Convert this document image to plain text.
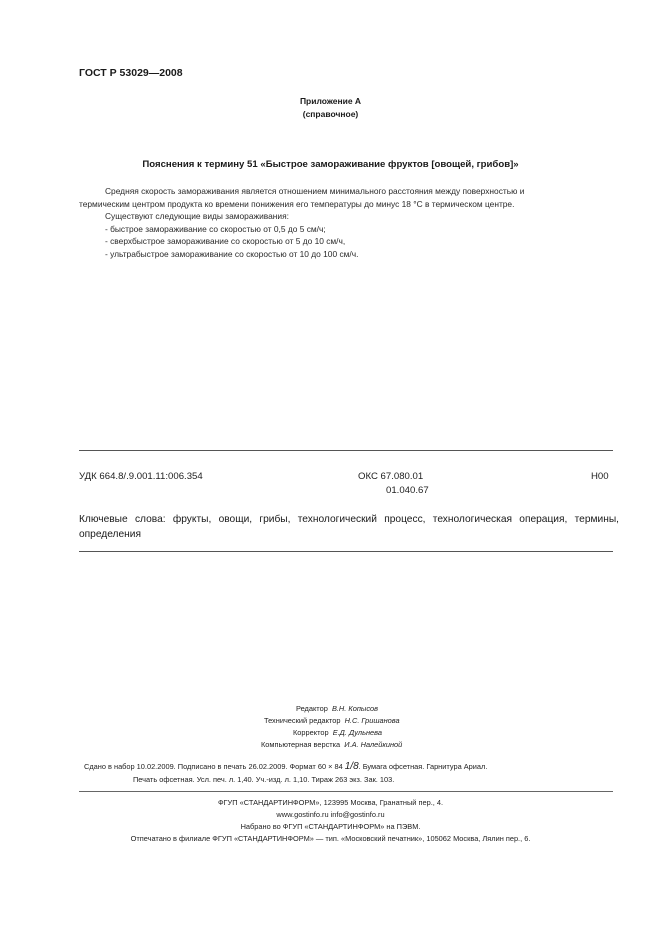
ГОСТ Р 53029—2008
Приложение А
(справочное)
Пояснения к термину 51 «Быстрое замораживание фруктов [овощей, грибов]»
Средняя скорость замораживания является отношением минимального расстояния между поверхностью и
термическим центром продукта ко времени понижения его температуры до минус 18 °С в термическом центре.
Существуют следующие виды замораживания:
- быстрое замораживание со скоростью от 0,5 до 5 см/ч;
- сверхбыстрое замораживание со скоростью от 5 до 10 см/ч,
- ультрабыстрое замораживание со скоростью от 10 до 100 см/ч.
УДК 664.8/.9.001.11:006.354	ОКС 67.080.01
01.040.67
Н00
Ключевые слова: фрукты, овощи, грибы, технологический процесс, технологическая операция, термины, определения
Редактор В.Н. Копысов
Технический редактор Н.С. Гришанова
Корректор Е.Д. Дульнева
Компьютерная верстка И.А. Налейкиной
Сдано в набор 10.02.2009. Подписано в печать 26.02.2009. Формат 60 × 84 1/8. Бумага офсетная. Гарнитура Ариал.
Печать офсетная. Усл. печ. л. 1,40. Уч.-изд. л. 1,10. Тираж 263 экз. Зак. 103.
ФГУП «СТАНДАРТИНФОРМ», 123995 Москва, Гранатный пер., 4.
www.gostinfo.ru info@gostinfo.ru
Набрано во ФГУП «СТАНДАРТИНФОРМ» на ПЭВМ.
Отпечатано в филиале ФГУП «СТАНДАРТИНФОРМ» — тип. «Московский печатник», 105062 Москва, Лялин пер., 6.
